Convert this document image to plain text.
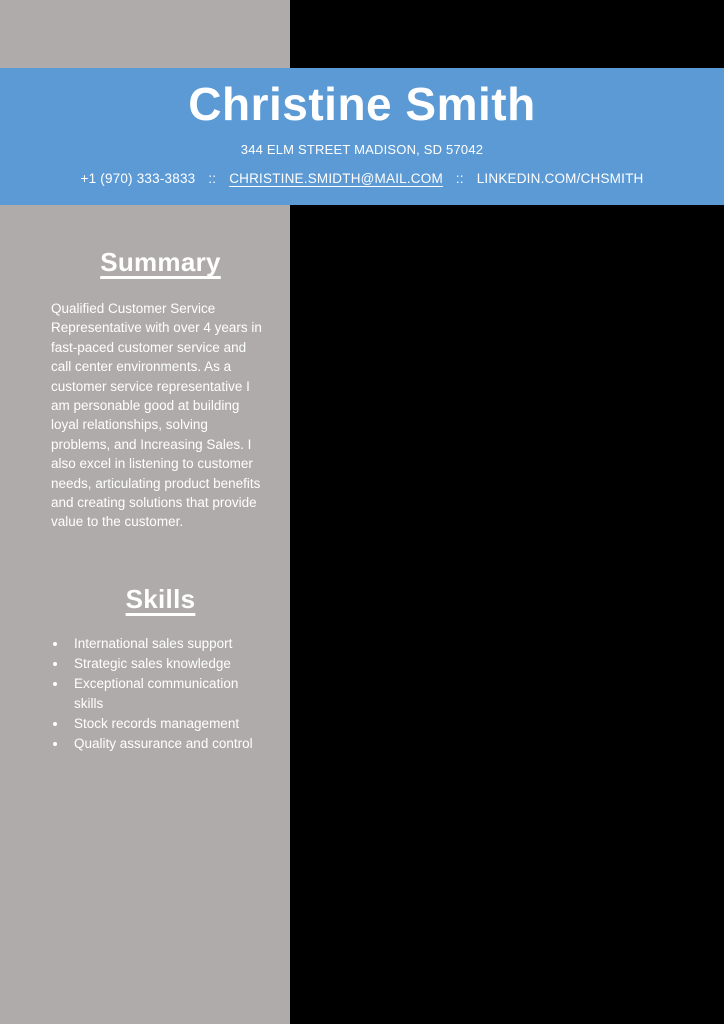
Christine Smith
344 ELM STREET MADISON, SD 57042
+1 (970) 333-3833 :: CHRISTINE.SMIDTH@MAIL.COM :: LINKEDIN.COM/CHSMITH
Summary

Qualified Customer Service Representative with over 4 years in fast-paced customer service and call center environments. As a customer service representative I am personable good at building loyal relationships, solving problems, and Increasing Sales. I also excel in listening to customer needs, articulating product benefits and creating solutions that provide value to the customer.

Skills
• International sales support
• Strategic sales knowledge
• Exceptional communication skills
• Stock records management
• Quality assurance and control
